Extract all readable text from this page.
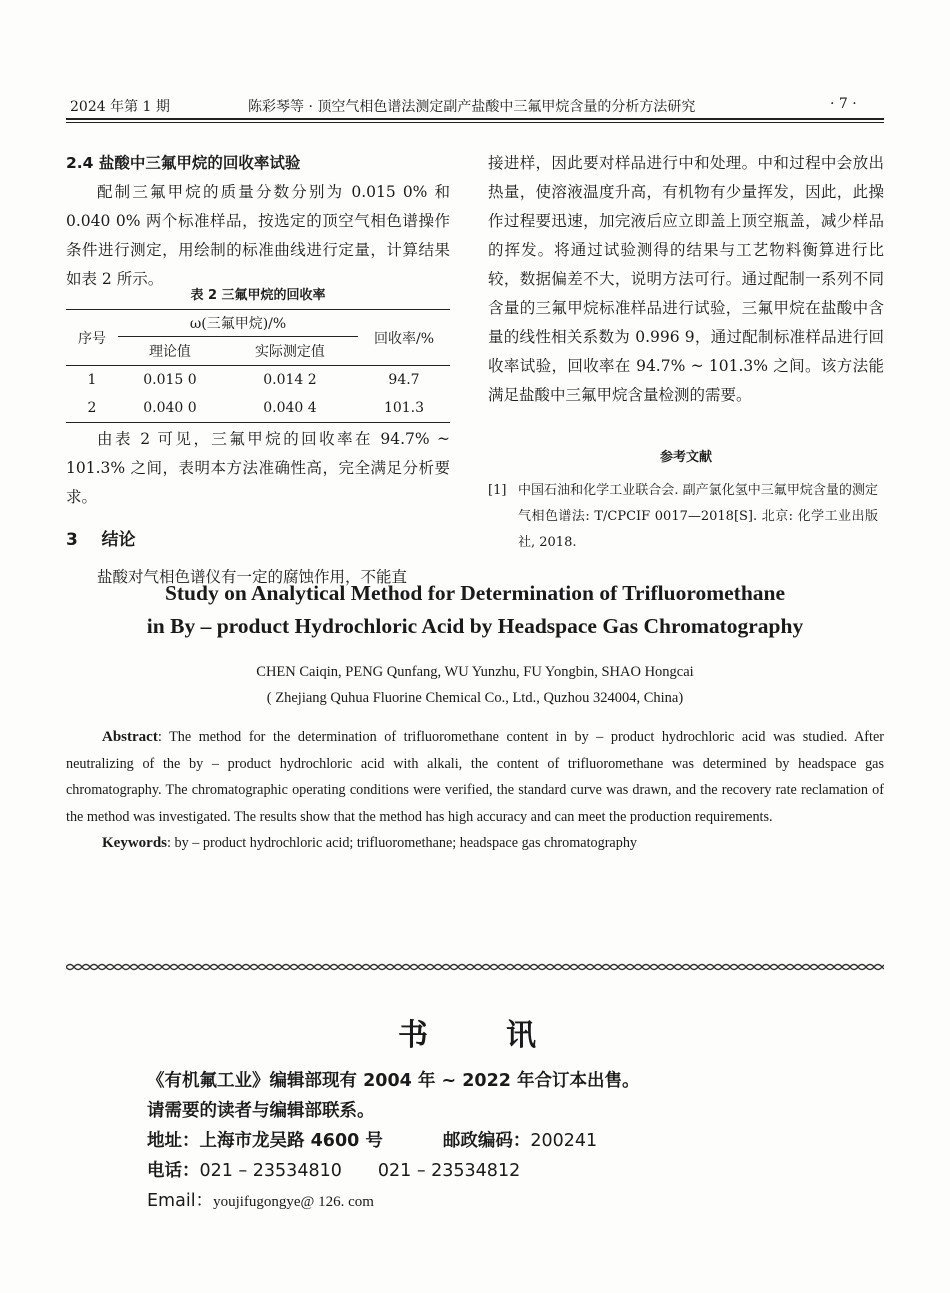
2024 年第 1 期	陈彩琴等 · 顶空气相色谱法测定副产盐酸中三氟甲烷含量的分析方法研究	· 7 ·
2.4 盐酸中三氟甲烷的回收率试验

配制三氟甲烷的质量分数分别为 0.015 0% 和 0.040 0% 两个标准样品，按选定的顶空气相色谱操作条件进行测定，用绘制的标准曲线进行定量，计算结果如表 2 所示。

表 2 三氟甲烷的回收率
序号	ω(三氟甲烷)/%		回收率/%
	理论值	实际测定值	
1	0.015 0	0.014 2	94.7
2	0.040 0	0.040 4	101.3

由表 2 可见，三氟甲烷的回收率在 94.7% ~ 101.3% 之间，表明本方法准确性高，完全满足分析要求。

3 结论

盐酸对气相色谱仪有一定的腐蚀作用，不能直

接进样，因此要对样品进行中和处理。中和过程中会放出热量，使溶液温度升高，有机物有少量挥发，因此，此操作过程要迅速，加完液后应立即盖上顶空瓶盖，减少样品的挥发。将通过试验测得的结果与工艺物料衡算进行比较，数据偏差不大，说明方法可行。通过配制一系列不同含量的三氟甲烷标准样品进行试验，三氟甲烷在盐酸中含量的线性相关系数为 0.996 9，通过配制标准样品进行回收率试验，回收率在 94.7% ~ 101.3% 之间。该方法能满足盐酸中三氟甲烷含量检测的需要。

参考文献
[1] 中国石油和化学工业联合会. 副产氯化氢中三氟甲烷含量的测定 气相色谱法: T/CPCIF 0017—2018[S]. 北京: 化学工业出版社, 2018.
Study on Analytical Method for Determination of Trifluoromethane
in By – product Hydrochloric Acid by Headspace Gas Chromatography
CHEN Caiqin, PENG Qunfang, WU Yunzhu, FU Yongbin, SHAO Hongcai
( Zhejiang Quhua Fluorine Chemical Co., Ltd., Quzhou 324004, China)
Abstract: The method for the determination of trifluoromethane content in by – product hydrochloric acid was studied. After neutralizing of the by – product hydrochloric acid with alkali, the content of trifluoromethane was determined by headspace gas chromatography. The chromatographic operating conditions were verified, the standard curve was drawn, and the recovery rate reclamation of the method was investigated. The results show that the method has high accuracy and can meet the production requirements.
Keywords: by – product hydrochloric acid; trifluoromethane; headspace gas chromatography
书讯
《有机氟工业》编辑部现有 2004 年 ~ 2022 年合订本出售。
请需要的读者与编辑部联系。
地址：上海市龙吴路 4600 号	邮政编码：200241
电话：021 – 23534810 021 – 23534812
Email：youjifugongye@ 126. com
